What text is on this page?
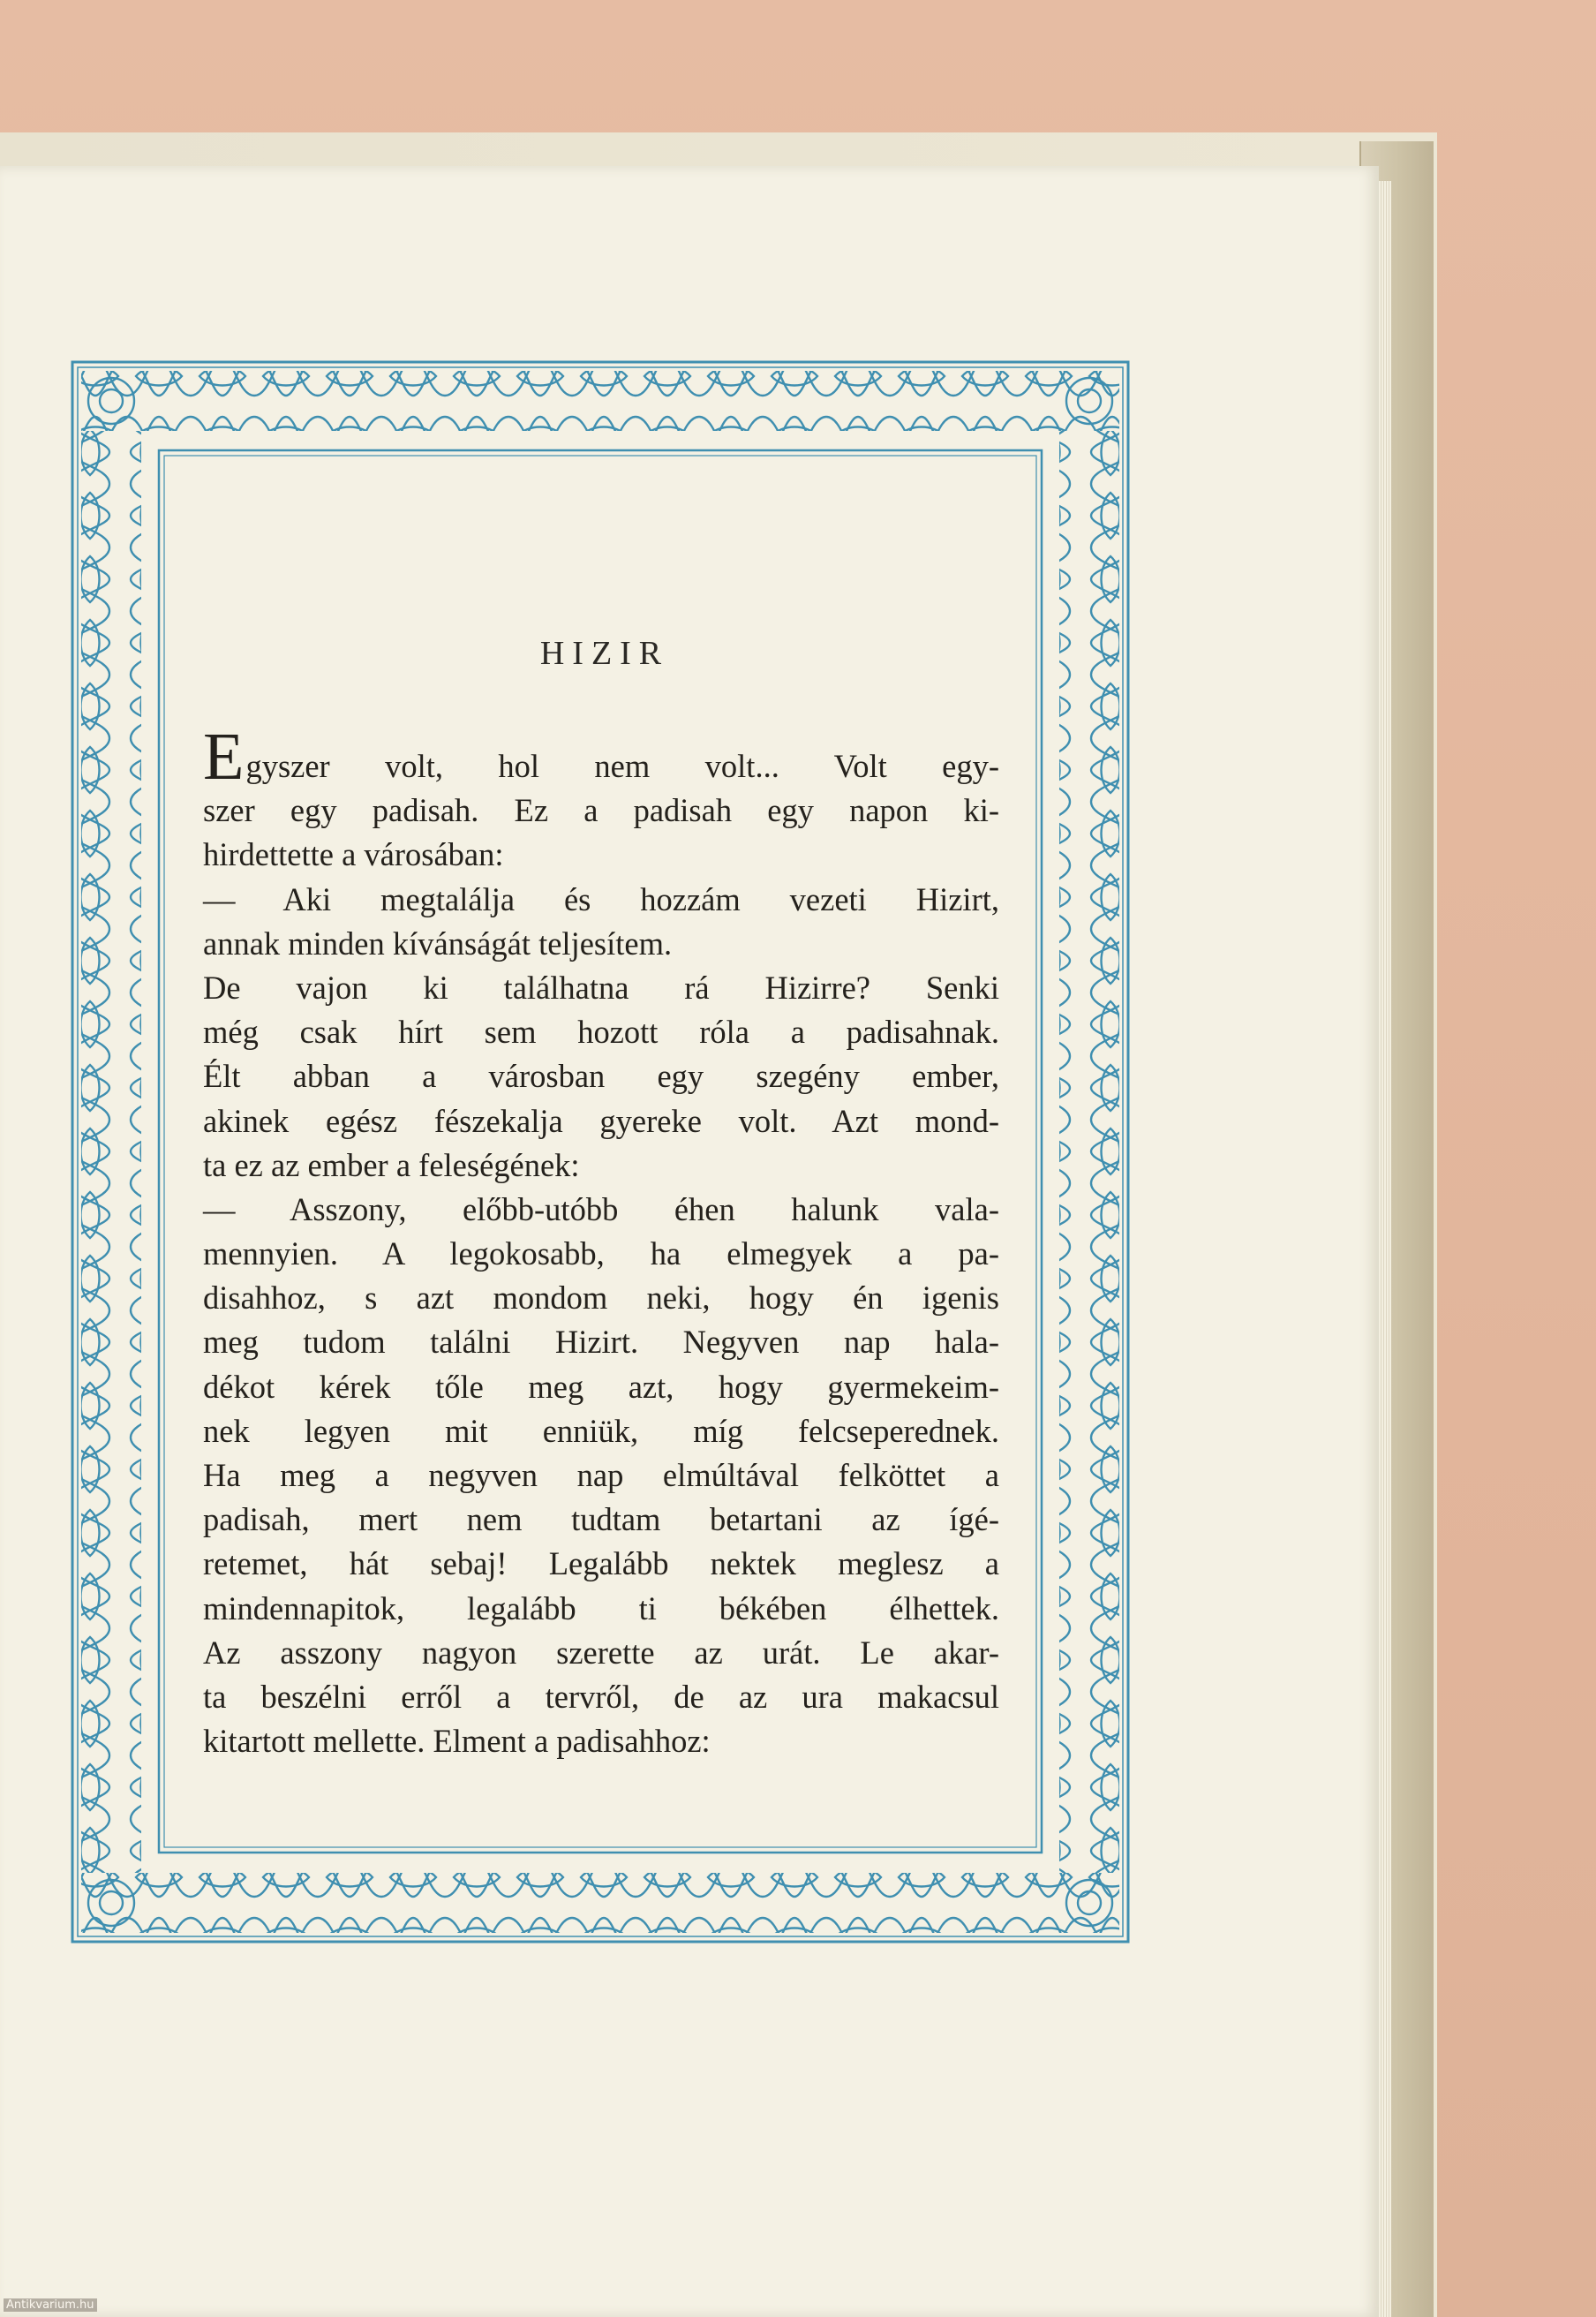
HIZIR
Egyszer volt, hol nem volt... Volt egy-
szer egy padisah. Ez a padisah egy napon ki-
hirdettette a városában:
— Aki megtalálja és hozzám vezeti Hizirt,
annak minden kívánságát teljesítem.
De vajon ki találhatna rá Hizirre? Senki
még csak hírt sem hozott róla a padisahnak.
Élt abban a városban egy szegény ember,
akinek egész fészekalja gyereke volt. Azt mond-
ta ez az ember a feleségének:
— Asszony, előbb-utóbb éhen halunk vala-
mennyien. A legokosabb, ha elmegyek a pa-
disahhoz, s azt mondom neki, hogy én igenis
meg tudom találni Hizirt. Negyven nap hala-
dékot kérek tőle meg azt, hogy gyermekeim-
nek legyen mit enniük, míg felcseperednek.
Ha meg a negyven nap elmúltával felköttet a
padisah, mert nem tudtam betartani az ígé-
retemet, hát sebaj! Legalább nektek meglesz a
mindennapitok, legalább ti békében élhettek.
Az asszony nagyon szerette az urát. Le akar-
ta beszélni erről a tervről, de az ura makacsul
kitartott mellette. Elment a padisahhoz:
Antikvarium.hu
